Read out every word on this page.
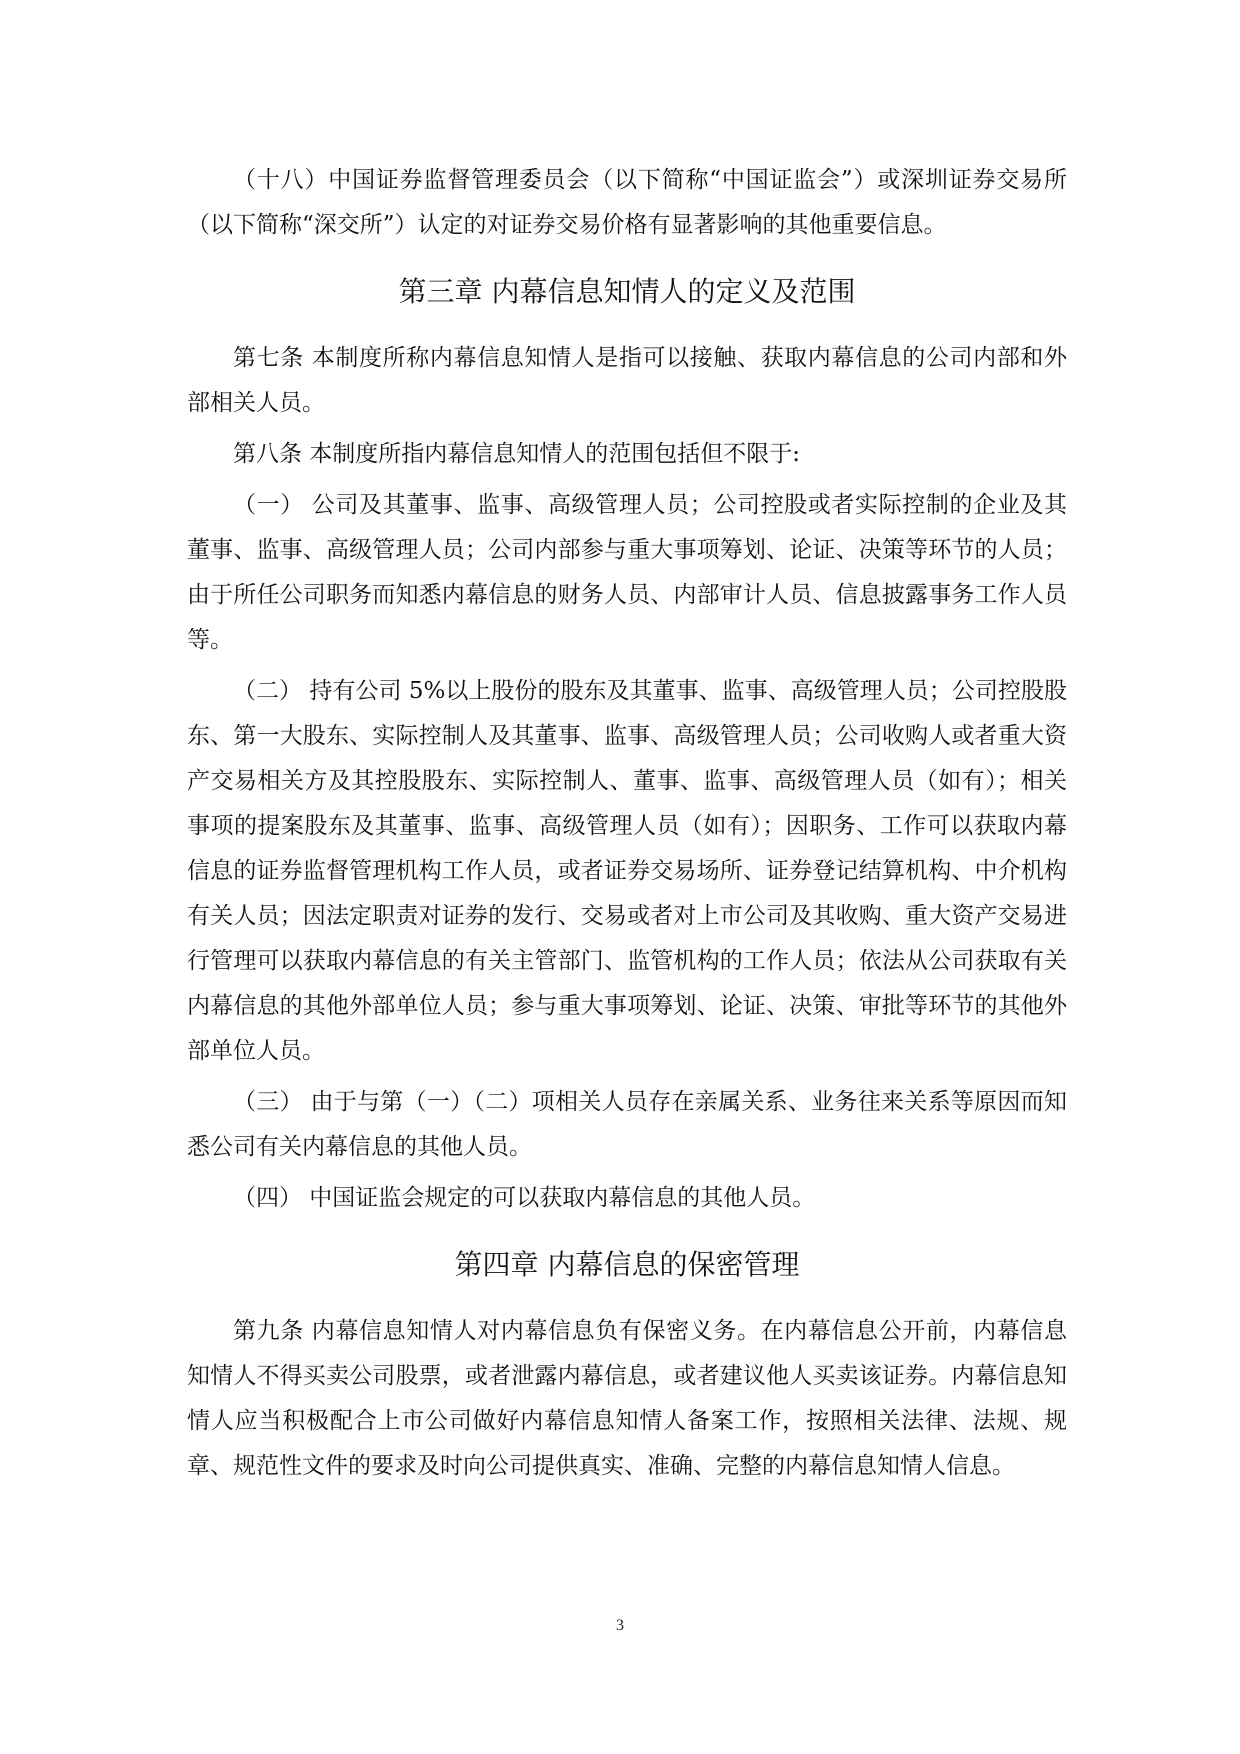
（十八）中国证券监督管理委员会（以下简称“中国证监会”）或深圳证券交易所（以下简称“深交所”）认定的对证券交易价格有显著影响的其他重要信息。

第三章 内幕信息知情人的定义及范围

第七条 本制度所称内幕信息知情人是指可以接触、获取内幕信息的公司内部和外部相关人员。

第八条 本制度所指内幕信息知情人的范围包括但不限于:

（一） 公司及其董事、监事、高级管理人员；公司控股或者实际控制的企业及其董事、监事、高级管理人员；公司内部参与重大事项筹划、论证、决策等环节的人员；由于所任公司职务而知悉内幕信息的财务人员、内部审计人员、信息披露事务工作人员等。

（二） 持有公司 5%以上股份的股东及其董事、监事、高级管理人员；公司控股股东、第一大股东、实际控制人及其董事、监事、高级管理人员；公司收购人或者重大资产交易相关方及其控股股东、实际控制人、董事、监事、高级管理人员（如有）；相关事项的提案股东及其董事、监事、高级管理人员（如有）；因职务、工作可以获取内幕信息的证券监督管理机构工作人员，或者证券交易场所、证券登记结算机构、中介机构有关人员；因法定职责对证券的发行、交易或者对上市公司及其收购、重大资产交易进行管理可以获取内幕信息的有关主管部门、监管机构的工作人员；依法从公司获取有关内幕信息的其他外部单位人员；参与重大事项筹划、论证、决策、审批等环节的其他外部单位人员。

（三） 由于与第（一）（二）项相关人员存在亲属关系、业务往来关系等原因而知悉公司有关内幕信息的其他人员。

（四） 中国证监会规定的可以获取内幕信息的其他人员。

第四章 内幕信息的保密管理

第九条 内幕信息知情人对内幕信息负有保密义务。在内幕信息公开前，内幕信息知情人不得买卖公司股票，或者泄露内幕信息，或者建议他人买卖该证券。内幕信息知情人应当积极配合上市公司做好内幕信息知情人备案工作，按照相关法律、法规、规章、规范性文件的要求及时向公司提供真实、准确、完整的内幕信息知情人信息。

3
